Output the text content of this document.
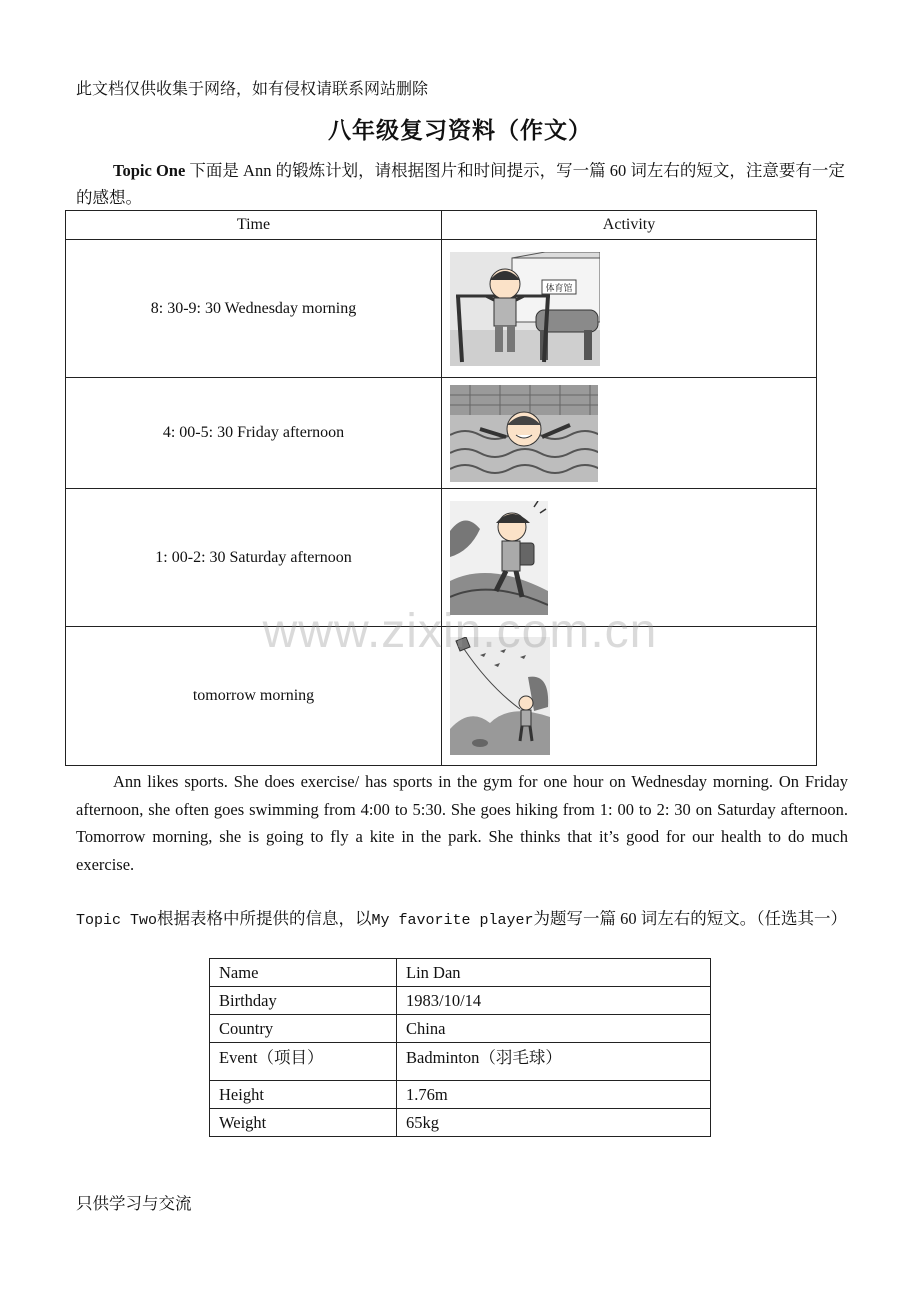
此文档仅供收集于网络，如有侵权请联系网站删除
八年级复习资料（作文）
Topic One 下面是 Ann 的锻炼计划，请根据图片和时间提示，写一篇 60 词左右的短文，注意要有一定的感想。
Time	Activity
8: 30-9: 30 Wednesday morning	体育馆

4: 00-5: 30 Friday afternoon	

1: 00-2: 30 Saturday afternoon	

tomorrow morning	
Ann likes sports. She does exercise/ has sports in the gym for one hour on Wednesday morning. On Friday afternoon, she often goes swimming from 4:00 to 5:30. She goes hiking from 1: 00 to 2: 30 on Saturday afternoon. Tomorrow morning, she is going to fly a kite in the park. She thinks that it’s good for our health to do much exercise.
Topic Two根据表格中所提供的信息，以My favorite player为题写一篇 60 词左右的短文。（任选其一）
Name	Lin Dan
Birthday	1983/10/14
Country	China
Event（项目）	Badminton（羽毛球）
Height	1.76m
Weight	65kg
只供学习与交流
www.zixin.com.cn
